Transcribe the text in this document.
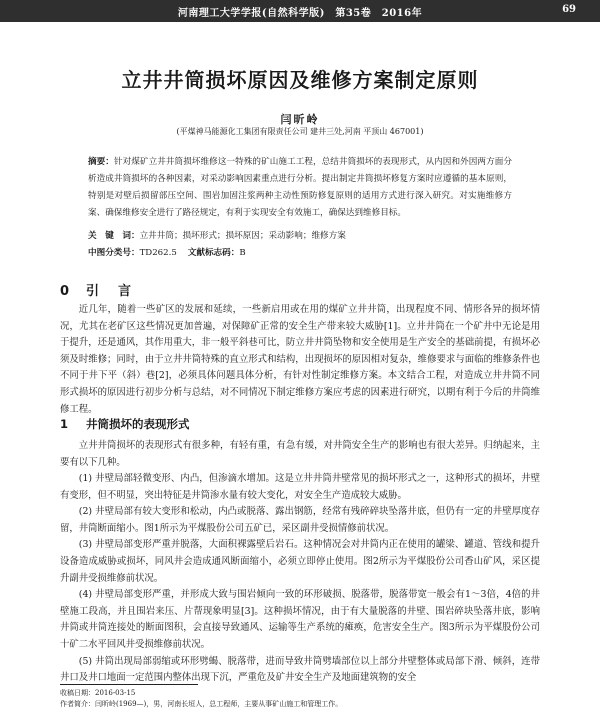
河南理工大学学报(自然科学版)　第35卷　2016年	69
立井井筒损坏原因及维修方案制定原则
闫昕岭
(平煤神马能源化工集团有限责任公司 建井三处,河南 平顶山 467001)
摘要：针对煤矿立井井筒损坏维修这一特殊的矿山施工工程，总结井筒损坏的表现形式，从内因和外因两方面分析造成井筒损坏的各种因素，对采动影响因素重点进行分析。提出制定井筒损坏修复方案时应遵循的基本原则，特别是对壁后损留部压空间、围岩加固注浆两种主动性预防修复原则的适用方式进行深入研究。对实施维修方案、确保维修安全进行了路径规定，有利于实现安全有效施工，确保达到维修目标。
关　键　词：立井井筒；损坏形式；损坏原因；采动影响；维修方案
中图分类号：TD262.5 文献标志码：B
0 引　言
近几年，随着一些矿区的发展和延续，一些新启用或在用的煤矿立井井筒，出现程度不同、情形各异的损坏情况，尤其在老矿区这些情况更加普遍，对保障矿正常的安全生产带来较大威胁[1]。立井井筒在一个矿井中无论是用于提升，还是通风，其作用重大，非一般平斜巷可比，防立井井筒坠物和安全使用是生产安全的基础前提，有损坏必须及时维修；同时，由于立井井筒特殊的直立形式和结构，出现损坏的原因相对复杂，维修要求与面临的维修条件也不同于井下平（斜）巷[2]，必须具体问题具体分析，有针对性制定维修方案。本文结合工程，对造成立井井筒不同形式损坏的原因进行初步分析与总结，对不同情况下制定维修方案应考虑的因素进行研究，以期有利于今后的井筒维修工程。
1 井筒损坏的表现形式
立井井筒损坏的表现形式有很多种，有轻有重，有急有缓，对井筒安全生产的影响也有很大差异。归纳起来，主要有以下几种。

(1) 井壁局部轻微变形、内凸，但渗滴水增加。这是立井井筒井壁常见的损坏形式之一，这种形式的损坏，井壁有变形，但不明显，突出特征是井筒渗水量有较大变化，对安全生产造成较大威胁。

(2) 井壁局部有较大变形和松动，内凸或脱落、露出钢筋，经常有残碎碎块坠落井底，但仍有一定的井壁厚度存留，井筒断面缩小。图1所示为平煤股份公司五矿已，采区副井受损情修前状况。

(3) 井壁局部变形严重并脱落，大面积裸露壁后岩石。这种情况会对井筒内正在使用的罐梁、罐道、管线和提升设备造成威胁或损坏，同风井会造成通风断面缩小，必须立即停止使用。图2所示为平煤股份公司香山矿风，采区提升副井受损维修前状况。

(4) 井壁局部变形严重，并形成大致与围岩倾向一致的环形破损、脱落带，脱落带宽一般会有1～3倍，4倍的井壁施工段高，并且围岩来压、片帮现象明显[3]。这种损坏情况，由于有大量脱落的井壁、围岩碎块坠落井底，影响井筒或井筒连接处的断面图积，会直接导致通风、运输等生产系统的瘫痪，危害安全生产。图3所示为平煤股份公司十矿二水平回风井受损维修前状况。

(5) 井筒出现局部弱缩或环形劈蝎、脱落带，进而导致井筒劈墙部位以上部分井壁整体或局部下滑、倾斜，连带井口及井口地面一定范围内整体出现下沉，严重危及矿井安全生产及地面建筑物的安全

收稿日期：2016-03-15
作者简介：闫昕岭(1969—)，男，河南长垣人，总工程师，主要从事矿山施工和管理工作。
